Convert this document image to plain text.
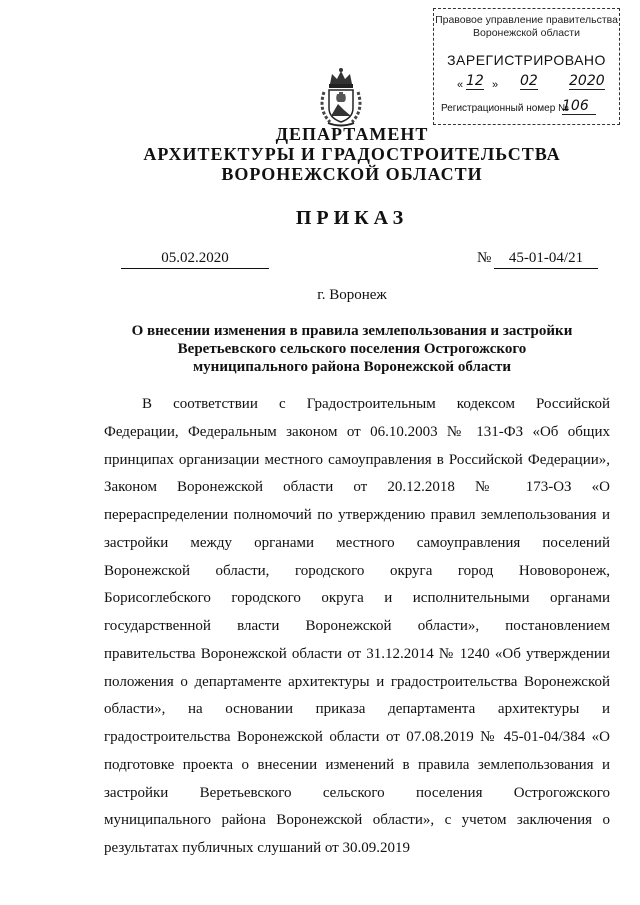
Правовое управление правительства
Воронежской области
ЗАРЕГИСТРИРОВАНО
« 12 » 02 2020
Регистрационный номер №
106
ДЕПАРТАМЕНТ
АРХИТЕКТУРЫ И ГРАДОСТРОИТЕЛЬСТВА
ВОРОНЕЖСКОЙ ОБЛАСТИ
ПРИКАЗ
05.02.2020	№	45-01-04/21
г. Воронеж
О внесении изменения в правила землепользования и застройки
Веретьевского сельского поселения Острогожского
муниципального района Воронежской области
В соответствии с Градостроительным кодексом Российской
Федерации, Федеральным законом от 06.10.2003 № 131-ФЗ «Об общих
принципах организации местного самоуправления в Российской Федерации»,
Законом Воронежской области от 20.12.2018 № 173-ОЗ «О
перераспределении полномочий по утверждению правил землепользования и
застройки между органами местного самоуправления поселений
Воронежской области, городского округа город Нововоронеж,
Борисоглебского городского округа и исполнительными органами
государственной власти Воронежской области», постановлением
правительства Воронежской области от 31.12.2014 № 1240 «Об утверждении
положения о департаменте архитектуры и градостроительства Воронежской
области», на основании приказа департамента архитектуры и
градостроительства Воронежской области от 07.08.2019 № 45-01-04/384 «О
подготовке проекта о внесении изменений в правила землепользования и
застройки Веретьевского сельского поселения Острогожского
муниципального района Воронежской области», с учетом заключения о
результатах публичных слушаний от 30.09.2019
